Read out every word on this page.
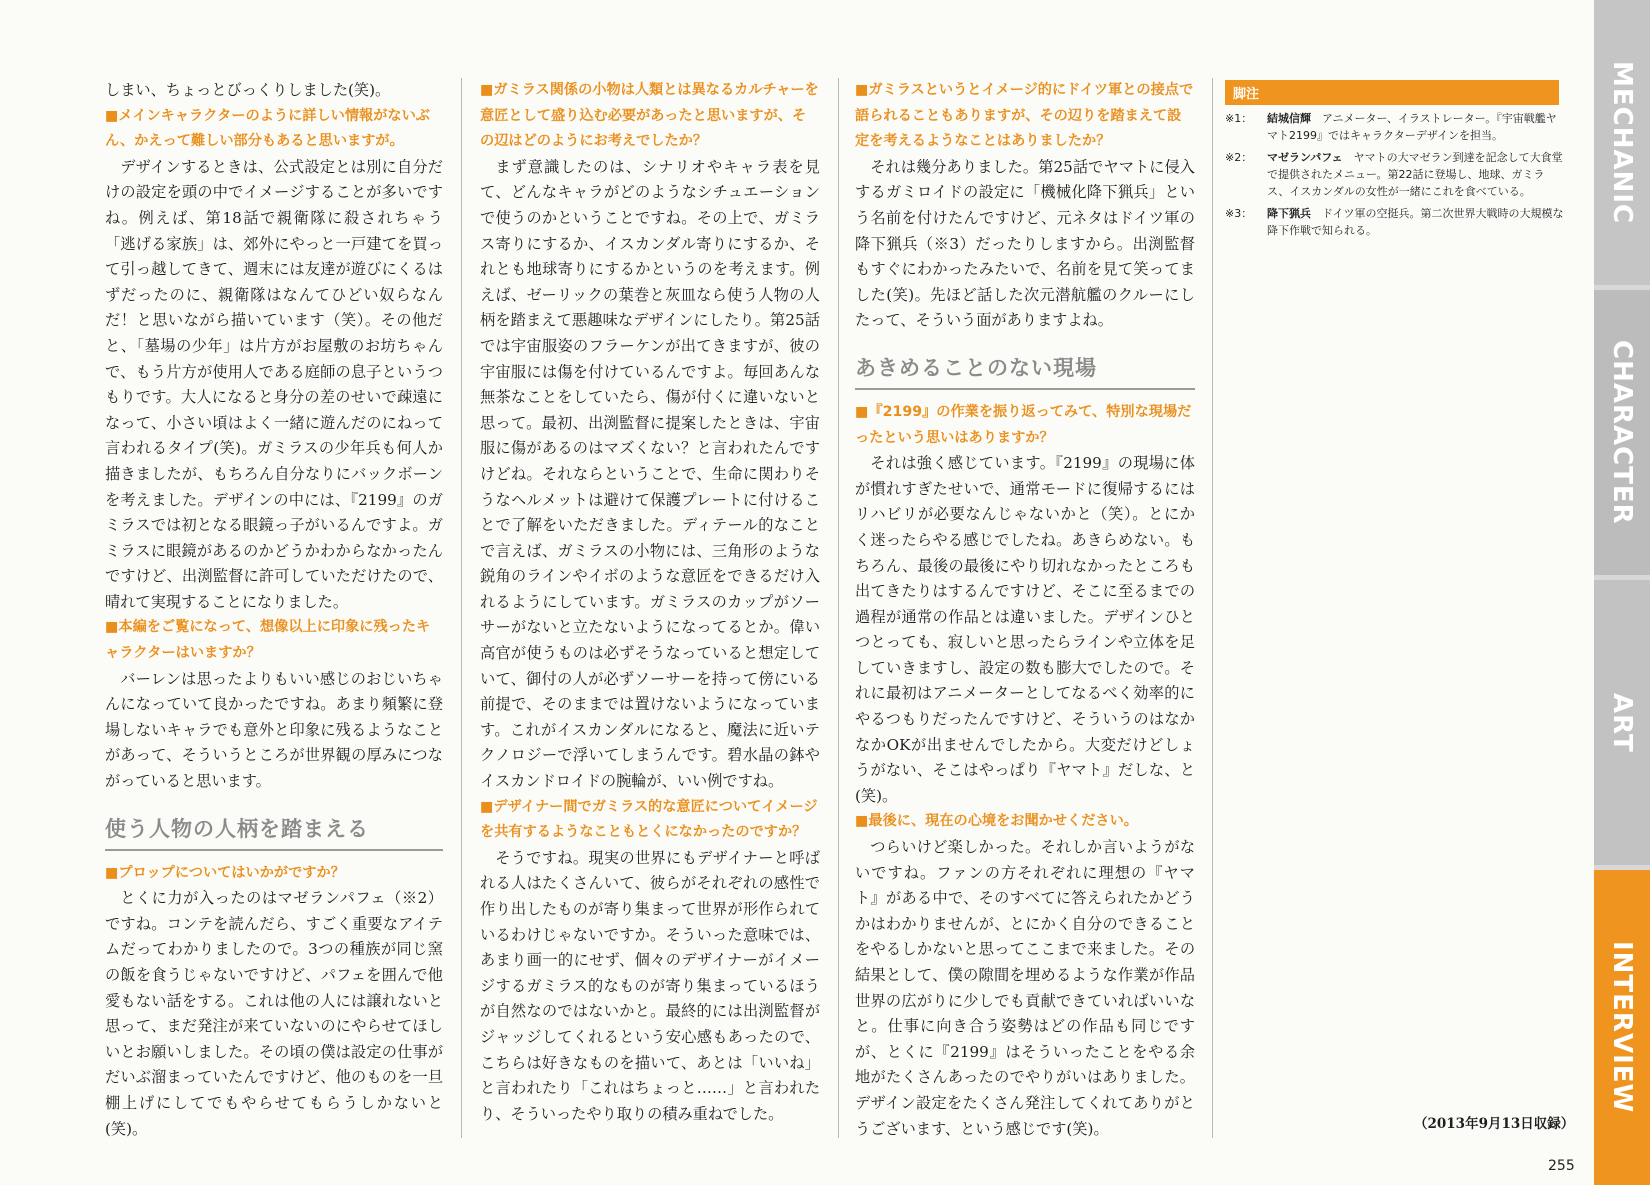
しまい、ちょっとびっくりしました(笑)。

■ メインキャラクターのように詳しい情報がないぶん、かえって難しい部分もあると思いますが。

デザインするときは、公式設定とは別に自分だけの設定を頭の中でイメージすることが多いですね。例えば、第18話で親衛隊に殺されちゃう「逃げる家族」は、郊外にやっと一戸建てを買って引っ越してきて、週末には友達が遊びにくるはずだったのに、親衛隊はなんてひどい奴らなんだ！と思いながら描いています（笑）。その他だと、「墓場の少年」は片方がお屋敷のお坊ちゃんで、もう片方が使用人である庭師の息子というつもりです。大人になると身分の差のせいで疎遠になって、小さい頃はよく一緒に遊んだのにねって言われるタイプ(笑)。ガミラスの少年兵も何人か描きましたが、もちろん自分なりにバックボーンを考えました。デザインの中には、『2199』のガミラスでは初となる眼鏡っ子がいるんですよ。ガミラスに眼鏡があるのかどうかわからなかったんですけど、出渕監督に許可していただけたので、晴れて実現することになりました。

■ 本編をご覧になって、想像以上に印象に残ったキャラクターはいますか？

バーレンは思ったよりもいい感じのおじいちゃんになっていて良かったですね。あまり頻繁に登場しないキャラでも意外と印象に残るようなことがあって、そういうところが世界観の厚みにつながっていると思います。

使う人物の人柄を踏まえる

■ プロップについてはいかがですか？

とくに力が入ったのはマゼランパフェ（※2）ですね。コンテを読んだら、すごく重要なアイテムだってわかりましたので。3つの種族が同じ窯の飯を食うじゃないですけど、パフェを囲んで他愛もない話をする。これは他の人には譲れないと思って、まだ発注が来ていないのにやらせてほしいとお願いしました。その頃の僕は設定の仕事がだいぶ溜まっていたんですけど、他のものを一旦棚上げにしてでもやらせてもらうしかないと(笑)。

■ ガミラス関係の小物は人類とは異なるカルチャーを意匠として盛り込む必要があったと思いますが、その辺はどのようにお考えでしたか？

まず意識したのは、シナリオやキャラ表を見て、どんなキャラがどのようなシチュエーションで使うのかということですね。その上で、ガミラス寄りにするか、イスカンダル寄りにするか、それとも地球寄りにするかというのを考えます。例えば、ゼーリックの葉巻と灰皿なら使う人物の人柄を踏まえて悪趣味なデザインにしたり。第25話では宇宙服姿のフラーケンが出てきますが、彼の宇宙服には傷を付けているんですよ。毎回あんな無茶なことをしていたら、傷が付くに違いないと思って。最初、出渕監督に提案したときは、宇宙服に傷があるのはマズくない？と言われたんですけどね。それならということで、生命に関わりそうなヘルメットは避けて保護プレートに付けることで了解をいただきました。ディテール的なことで言えば、ガミラスの小物には、三角形のような鋭角のラインやイボのような意匠をできるだけ入れるようにしています。ガミラスのカップがソーサーがないと立たないようになってるとか。偉い高官が使うものは必ずそうなっていると想定していて、御付の人が必ずソーサーを持って傍にいる前提で、そのままでは置けないようになっています。これがイスカンダルになると、魔法に近いテクノロジーで浮いてしまうんです。碧水晶の鉢やイスカンドロイドの腕輪が、いい例ですね。

■ デザイナー間でガミラス的な意匠についてイメージを共有するようなこともとくになかったのですか？

そうですね。現実の世界にもデザイナーと呼ばれる人はたくさんいて、彼らがそれぞれの感性で作り出したものが寄り集まって世界が形作られているわけじゃないですか。そういった意味では、あまり画一的にせず、個々のデザイナーがイメージするガミラス的なものが寄り集まっているほうが自然なのではないかと。最終的には出渕監督がジャッジしてくれるという安心感もあったので、こちらは好きなものを描いて、あとは「いいね」と言われたり「これはちょっと……」と言われたり、そういったやり取りの積み重ねでした。

■ ガミラスというとイメージ的にドイツ軍との接点で語られることもありますが、その辺りを踏まえて設定を考えるようなことはありましたか？

それは幾分ありました。第25話でヤマトに侵入するガミロイドの設定に「機械化降下猟兵」という名前を付けたんですけど、元ネタはドイツ軍の降下猟兵（※3）だったりしますから。出渕監督もすぐにわかったみたいで、名前を見て笑ってました(笑)。先ほど話した次元潜航艦のクルーにしたって、そういう面がありますよね。

あきめることのない現場

■ 『2199』の作業を振り返ってみて、特別な現場だったという思いはありますか？

それは強く感じています。『2199』の現場に体が慣れすぎたせいで、通常モードに復帰するにはリハビリが必要なんじゃないかと（笑）。とにかく迷ったらやる感じでしたね。あきらめない。もちろん、最後の最後にやり切れなかったところも出てきたりはするんですけど、そこに至るまでの過程が通常の作品とは違いました。デザインひとつとっても、寂しいと思ったらラインや立体を足していきますし、設定の数も膨大でしたので。それに最初はアニメーターとしてなるべく効率的にやるつもりだったんですけど、そういうのはなかなかOKが出ませんでしたから。大変だけどしょうがない、そこはやっぱり『ヤマト』だしな、と(笑)。

■ 最後に、現在の心境をお聞かせください。

つらいけど楽しかった。それしか言いようがないですね。ファンの方それぞれに理想の『ヤマト』がある中で、そのすべてに答えられたかどうかはわかりませんが、とにかく自分のできることをやるしかないと思ってここまで来ました。その結果として、僕の隙間を埋めるような作業が作品世界の広がりに少しでも貢献できていればいいなと。仕事に向き合う姿勢はどの作品も同じですが、とくに『2199』はそういったことをやる余地がたくさんあったのでやりがいはありました。デザイン設定をたくさん発注してくれてありがとうございます、という感じです(笑)。

脚注
※1：	結城信輝　アニメーター、イラストレーター。『宇宙戦艦ヤマト2199』ではキャラクターデザインを担当。
※2：	マゼランパフェ　ヤマトの大マゼラン到達を記念して大食堂で提供されたメニュー。第22話に登場し、地球、ガミラス、イスカンダルの女性が一緒にこれを食べている。
※3：	降下猟兵　ドイツ軍の空挺兵。第二次世界大戦時の大規模な降下作戦で知られる。
（2013年9月13日収録）
255
MECHANIC
CHARACTER
ART
INTERVIEW
